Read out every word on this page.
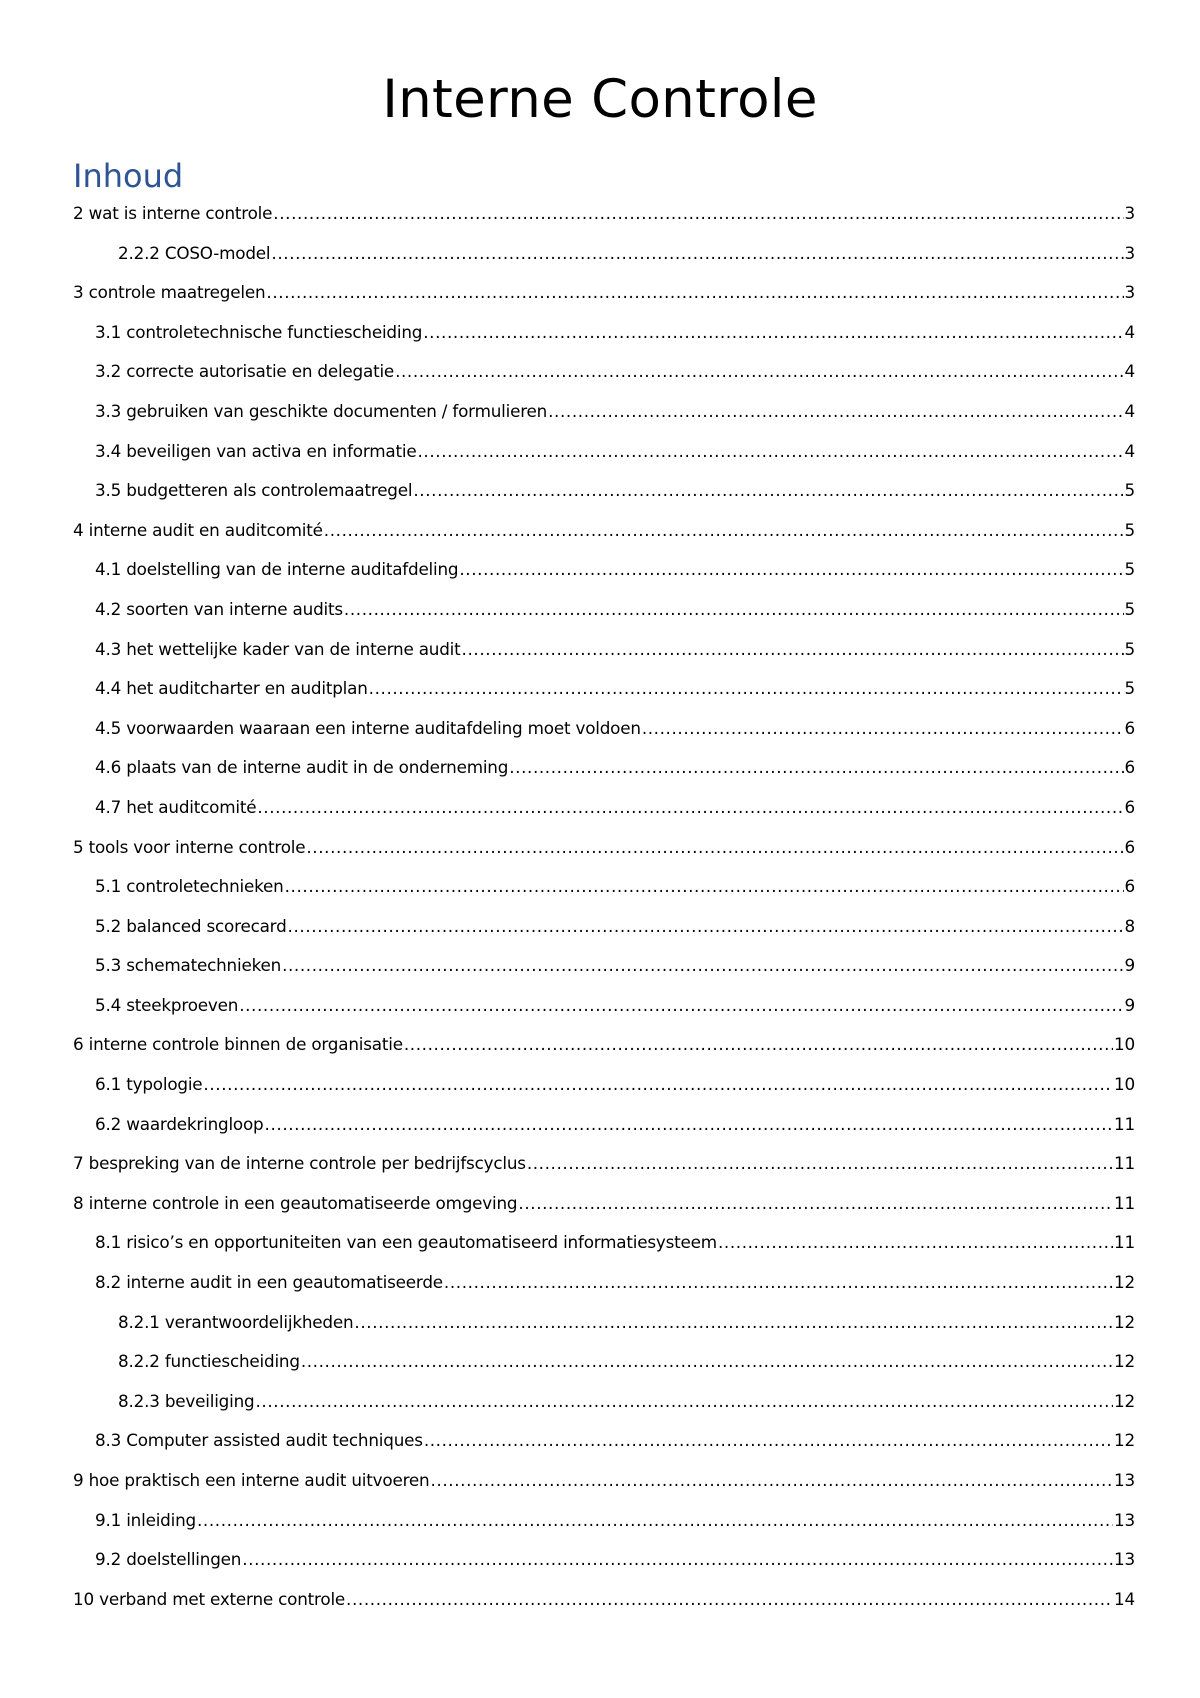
Interne Controle
Inhoud
2 wat is interne controle .....	3
2.2.2 COSO-model .....	3
3 controle maatregelen .....	3
3.1 controletechnische functiescheiding .....	4
3.2 correcte autorisatie en delegatie .....	4
3.3 gebruiken van geschikte documenten / formulieren .....	4
3.4 beveiligen van activa en informatie .....	4
3.5 budgetteren als controlemaatregel .....	5
4 interne audit en auditcomité .....	5
4.1 doelstelling van de interne auditafdeling .....	5
4.2 soorten van interne audits .....	5
4.3 het wettelijke kader van de interne audit .....	5
4.4 het auditcharter en auditplan .....	5
4.5 voorwaarden waaraan een interne auditafdeling moet voldoen .....	6
4.6 plaats van de interne audit in de onderneming .....	6
4.7 het auditcomité .....	6
5 tools voor interne controle .....	6
5.1 controletechnieken .....	6
5.2 balanced scorecard .....	8
5.3 schematechnieken .....	9
5.4 steekproeven .....	9
6 interne controle binnen de organisatie .....	10
6.1 typologie .....	10
6.2 waardekringloop .....	11
7 bespreking van de interne controle per bedrijfscyclus .....	11
8 interne controle in een geautomatiseerde omgeving .....	11
8.1 risico’s en opportuniteiten van een geautomatiseerd informatiesysteem .....	11
8.2 interne audit in een geautomatiseerde .....	12
8.2.1 verantwoordelijkheden .....	12
8.2.2 functiescheiding .....	12
8.2.3 beveiliging .....	12
8.3 Computer assisted audit techniques .....	12
9 hoe praktisch een interne audit uitvoeren .....	13
9.1 inleiding .....	13
9.2 doelstellingen .....	13
10 verband met externe controle .....	14
